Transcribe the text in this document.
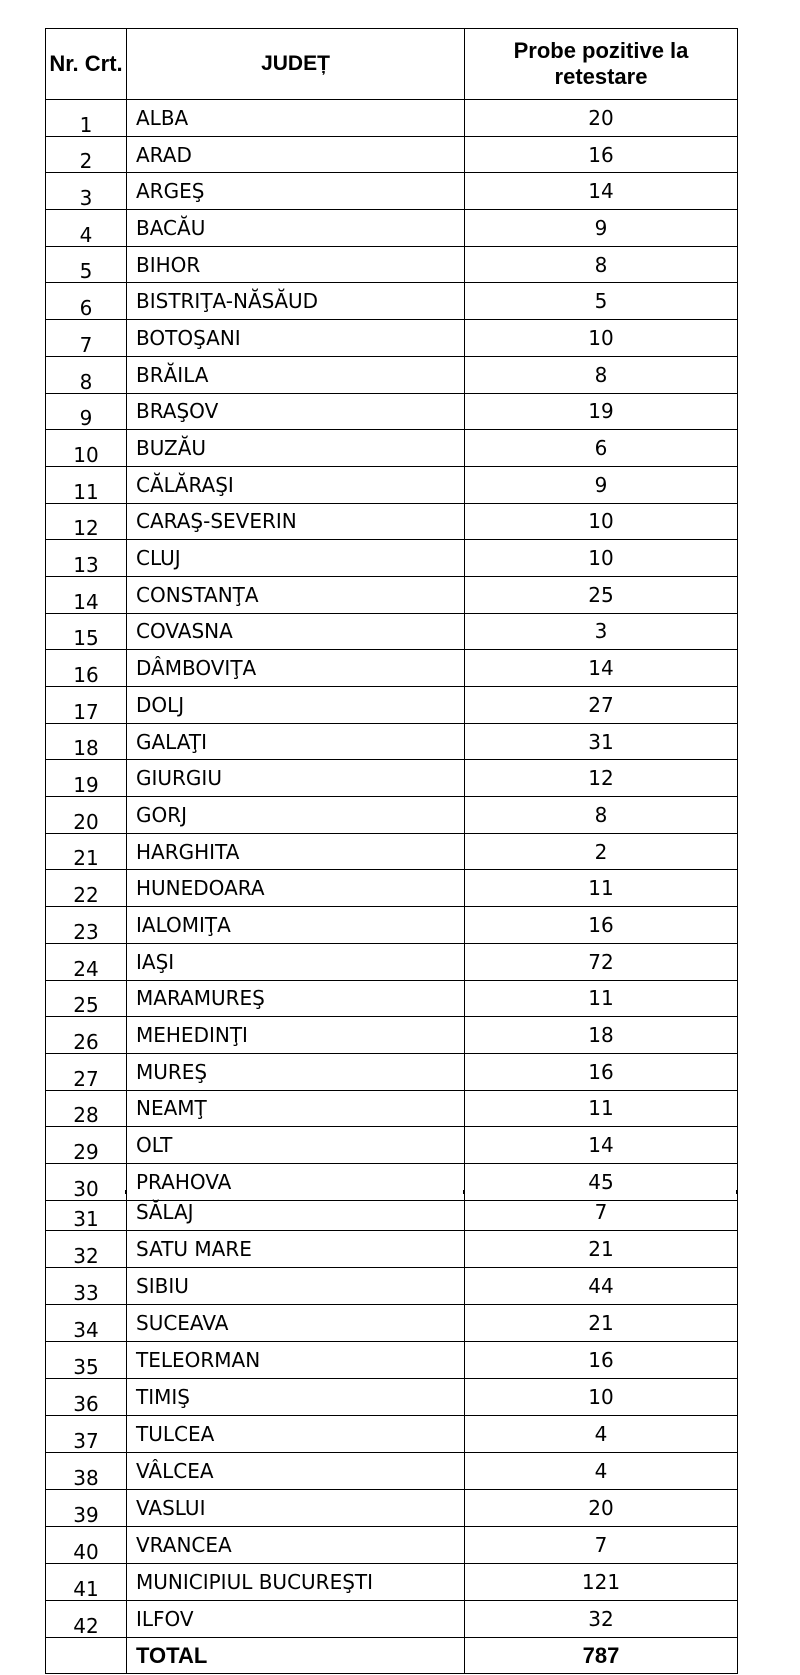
Nr. Crt.	JUDEȚ	Probe pozitive la retestare
1	ALBA	20
2	ARAD	16
3	ARGEŞ	14
4	BACĂU	9
5	BIHOR	8
6	BISTRIŢA-NĂSĂUD	5
7	BOTOŞANI	10
8	BRĂILA	8
9	BRAŞOV	19
10	BUZĂU	6
11	CĂLĂRAŞI	9
12	CARAŞ-SEVERIN	10
13	CLUJ	10
14	CONSTANŢA	25
15	COVASNA	3
16	DÂMBOVIŢA	14
17	DOLJ	27
18	GALAŢI	31
19	GIURGIU	12
20	GORJ	8
21	HARGHITA	2
22	HUNEDOARA	11
23	IALOMIŢA	16
24	IAŞI	72
25	MARAMUREŞ	11
26	MEHEDINŢI	18
27	MUREŞ	16
28	NEAMŢ	11
29	OLT	14
30	PRAHOVA	45
31	SĂLAJ	7
32	SATU MARE	21
33	SIBIU	44
34	SUCEAVA	21
35	TELEORMAN	16
36	TIMIŞ	10
37	TULCEA	4
38	VÂLCEA	4
39	VASLUI	20
40	VRANCEA	7
41	MUNICIPIUL BUCUREŞTI	121
42	ILFOV	32
	TOTAL	787
